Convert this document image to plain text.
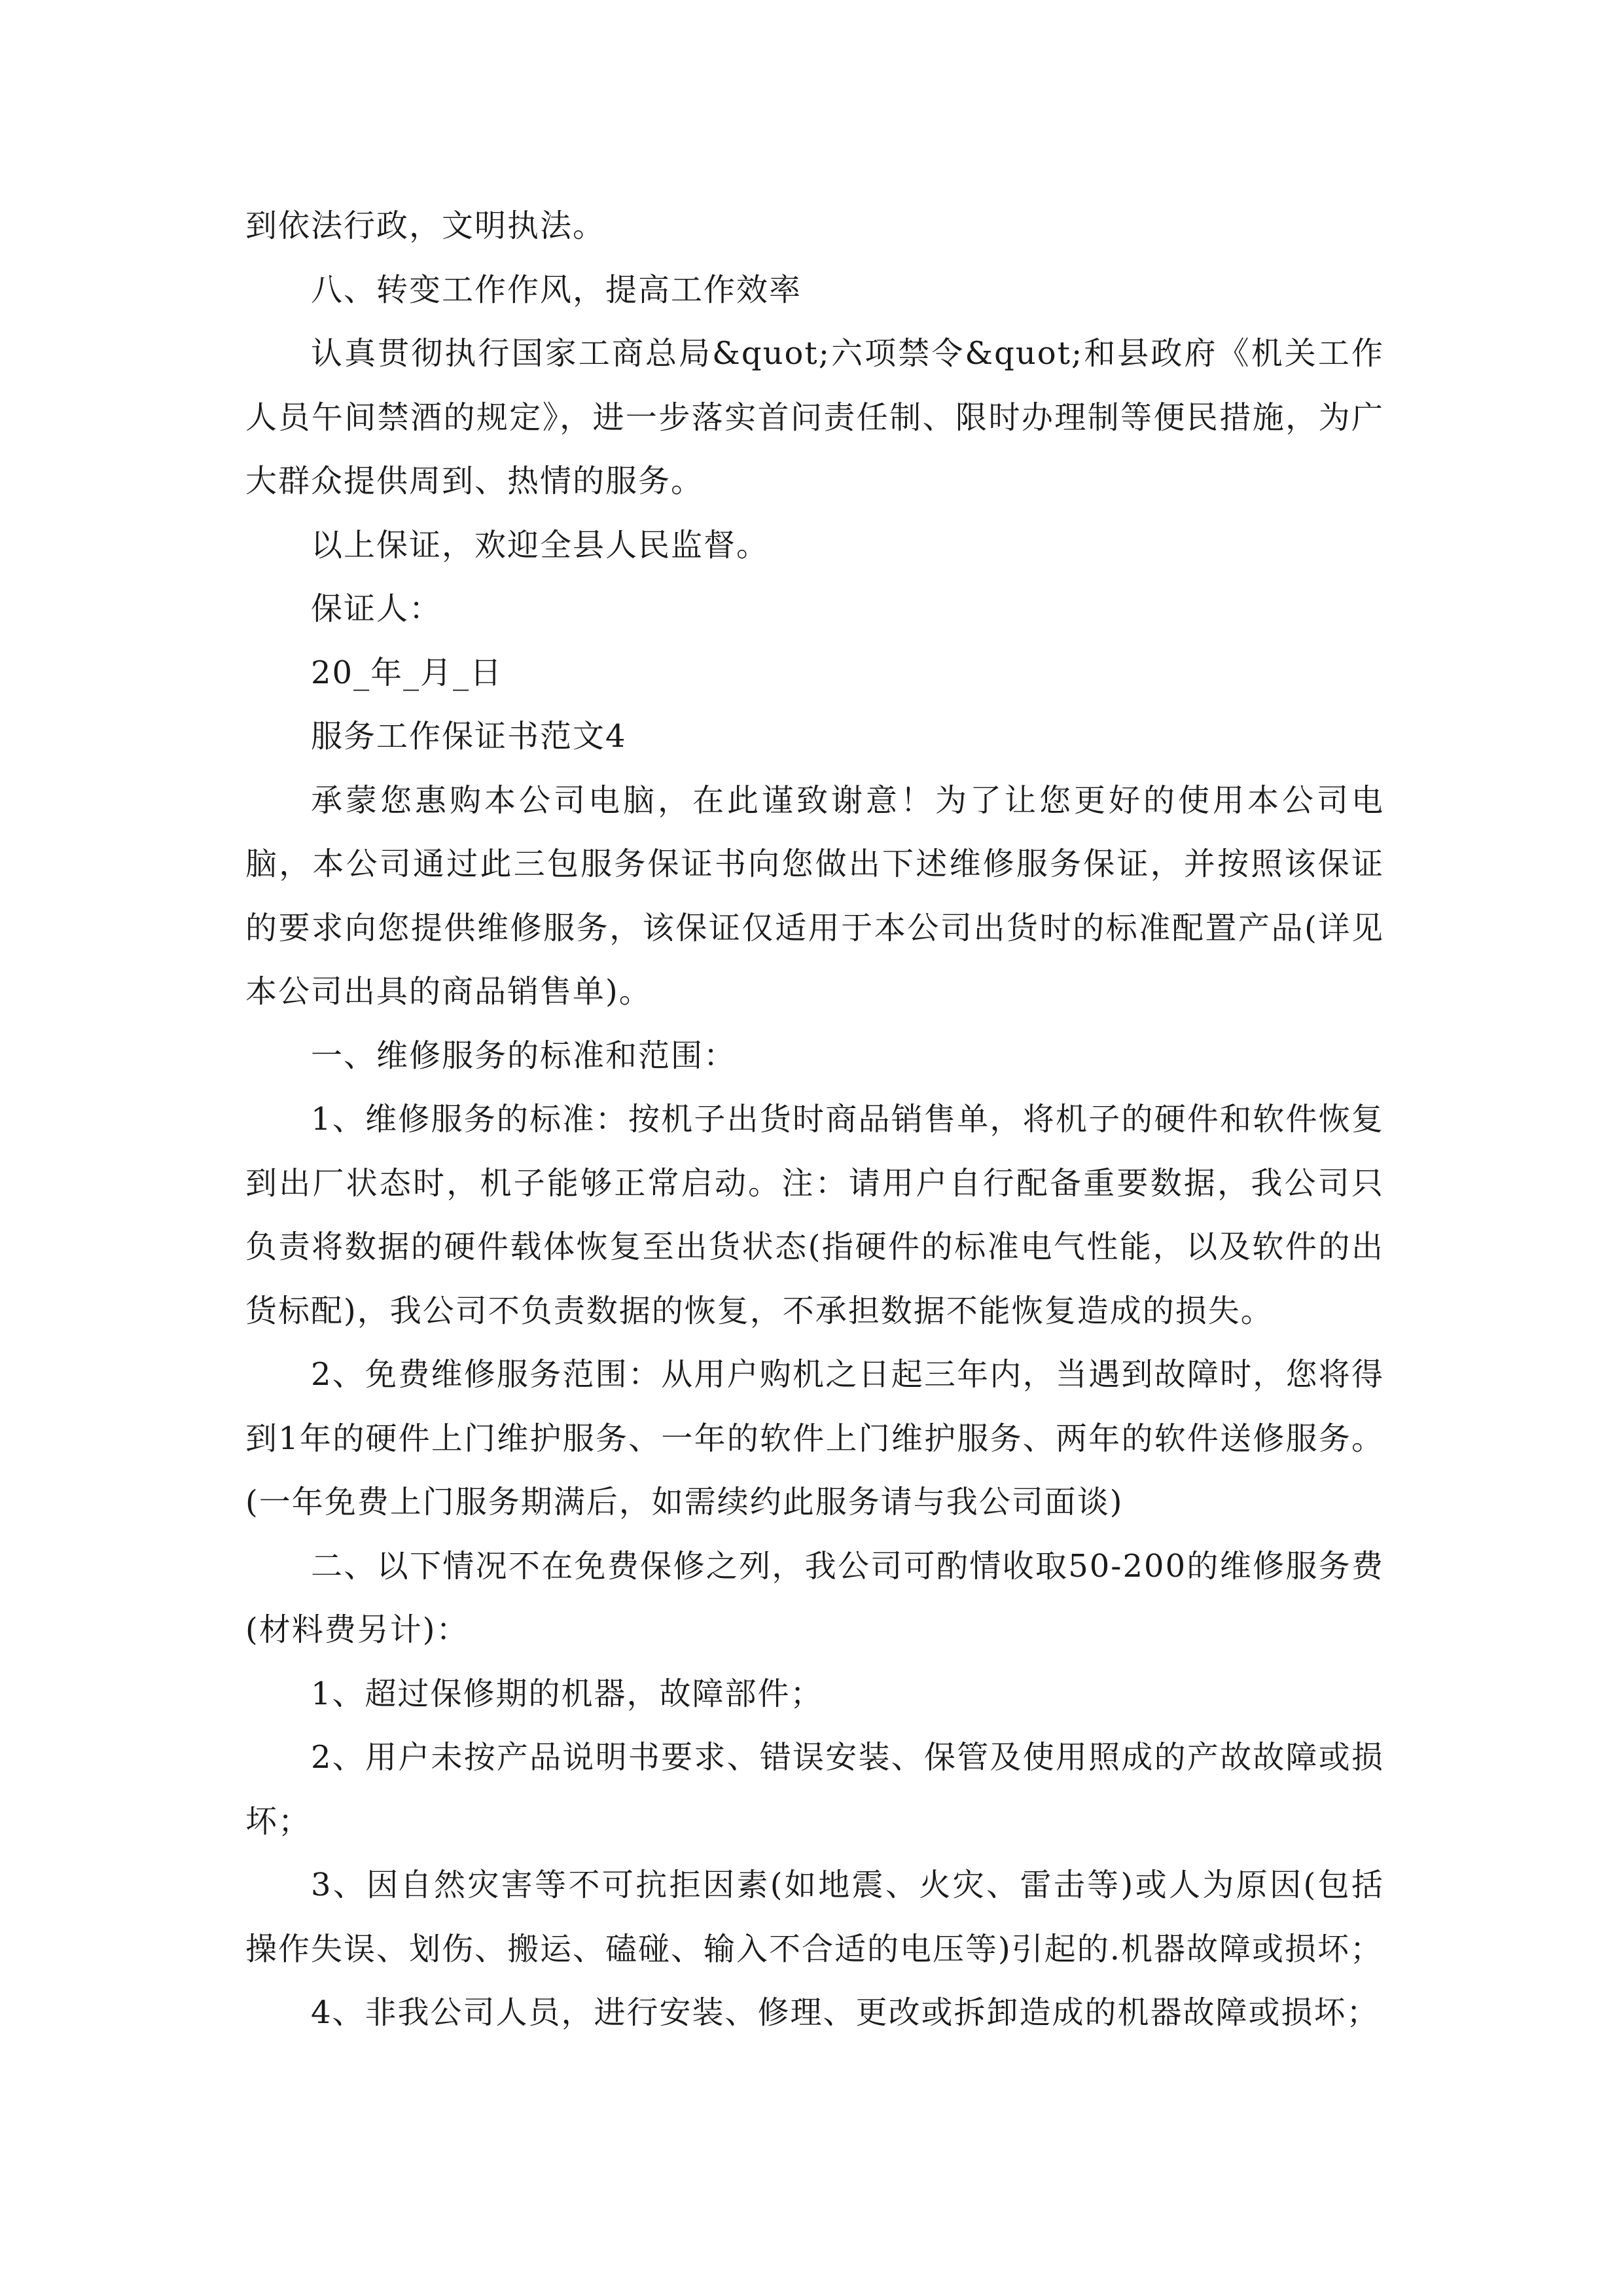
到依法行政，文明执法。

八、转变工作作风，提高工作效率

认真贯彻执行国家工商总局&quot;六项禁令&quot;和县政府《机关工作人员午间禁酒的规定》，进一步落实首问责任制、限时办理制等便民措施，为广大群众提供周到、热情的服务。

以上保证，欢迎全县人民监督。

保证人：

20_年_月_日

服务工作保证书范文4

承蒙您惠购本公司电脑，在此谨致谢意！为了让您更好的使用本公司电脑，本公司通过此三包服务保证书向您做出下述维修服务保证，并按照该保证的要求向您提供维修服务，该保证仅适用于本公司出货时的标准配置产品(详见本公司出具的商品销售单)。

一、维修服务的标准和范围：

1、维修服务的标准：按机子出货时商品销售单，将机子的硬件和软件恢复到出厂状态时，机子能够正常启动。注：请用户自行配备重要数据，我公司只负责将数据的硬件载体恢复至出货状态(指硬件的标准电气性能，以及软件的出货标配)，我公司不负责数据的恢复，不承担数据不能恢复造成的损失。

2、免费维修服务范围：从用户购机之日起三年内，当遇到故障时，您将得到1年的硬件上门维护服务、一年的软件上门维护服务、两年的软件送修服务。(一年免费上门服务期满后，如需续约此服务请与我公司面谈)

二、以下情况不在免费保修之列，我公司可酌情收取50-200的维修服务费(材料费另计)：

1、超过保修期的机器，故障部件；

2、用户未按产品说明书要求、错误安装、保管及使用照成的产故故障或损坏；

3、因自然灾害等不可抗拒因素(如地震、火灾、雷击等)或人为原因(包括操作失误、划伤、搬运、磕碰、输入不合适的电压等)引起的.机器故障或损坏；

4、非我公司人员，进行安装、修理、更改或拆卸造成的机器故障或损坏；
